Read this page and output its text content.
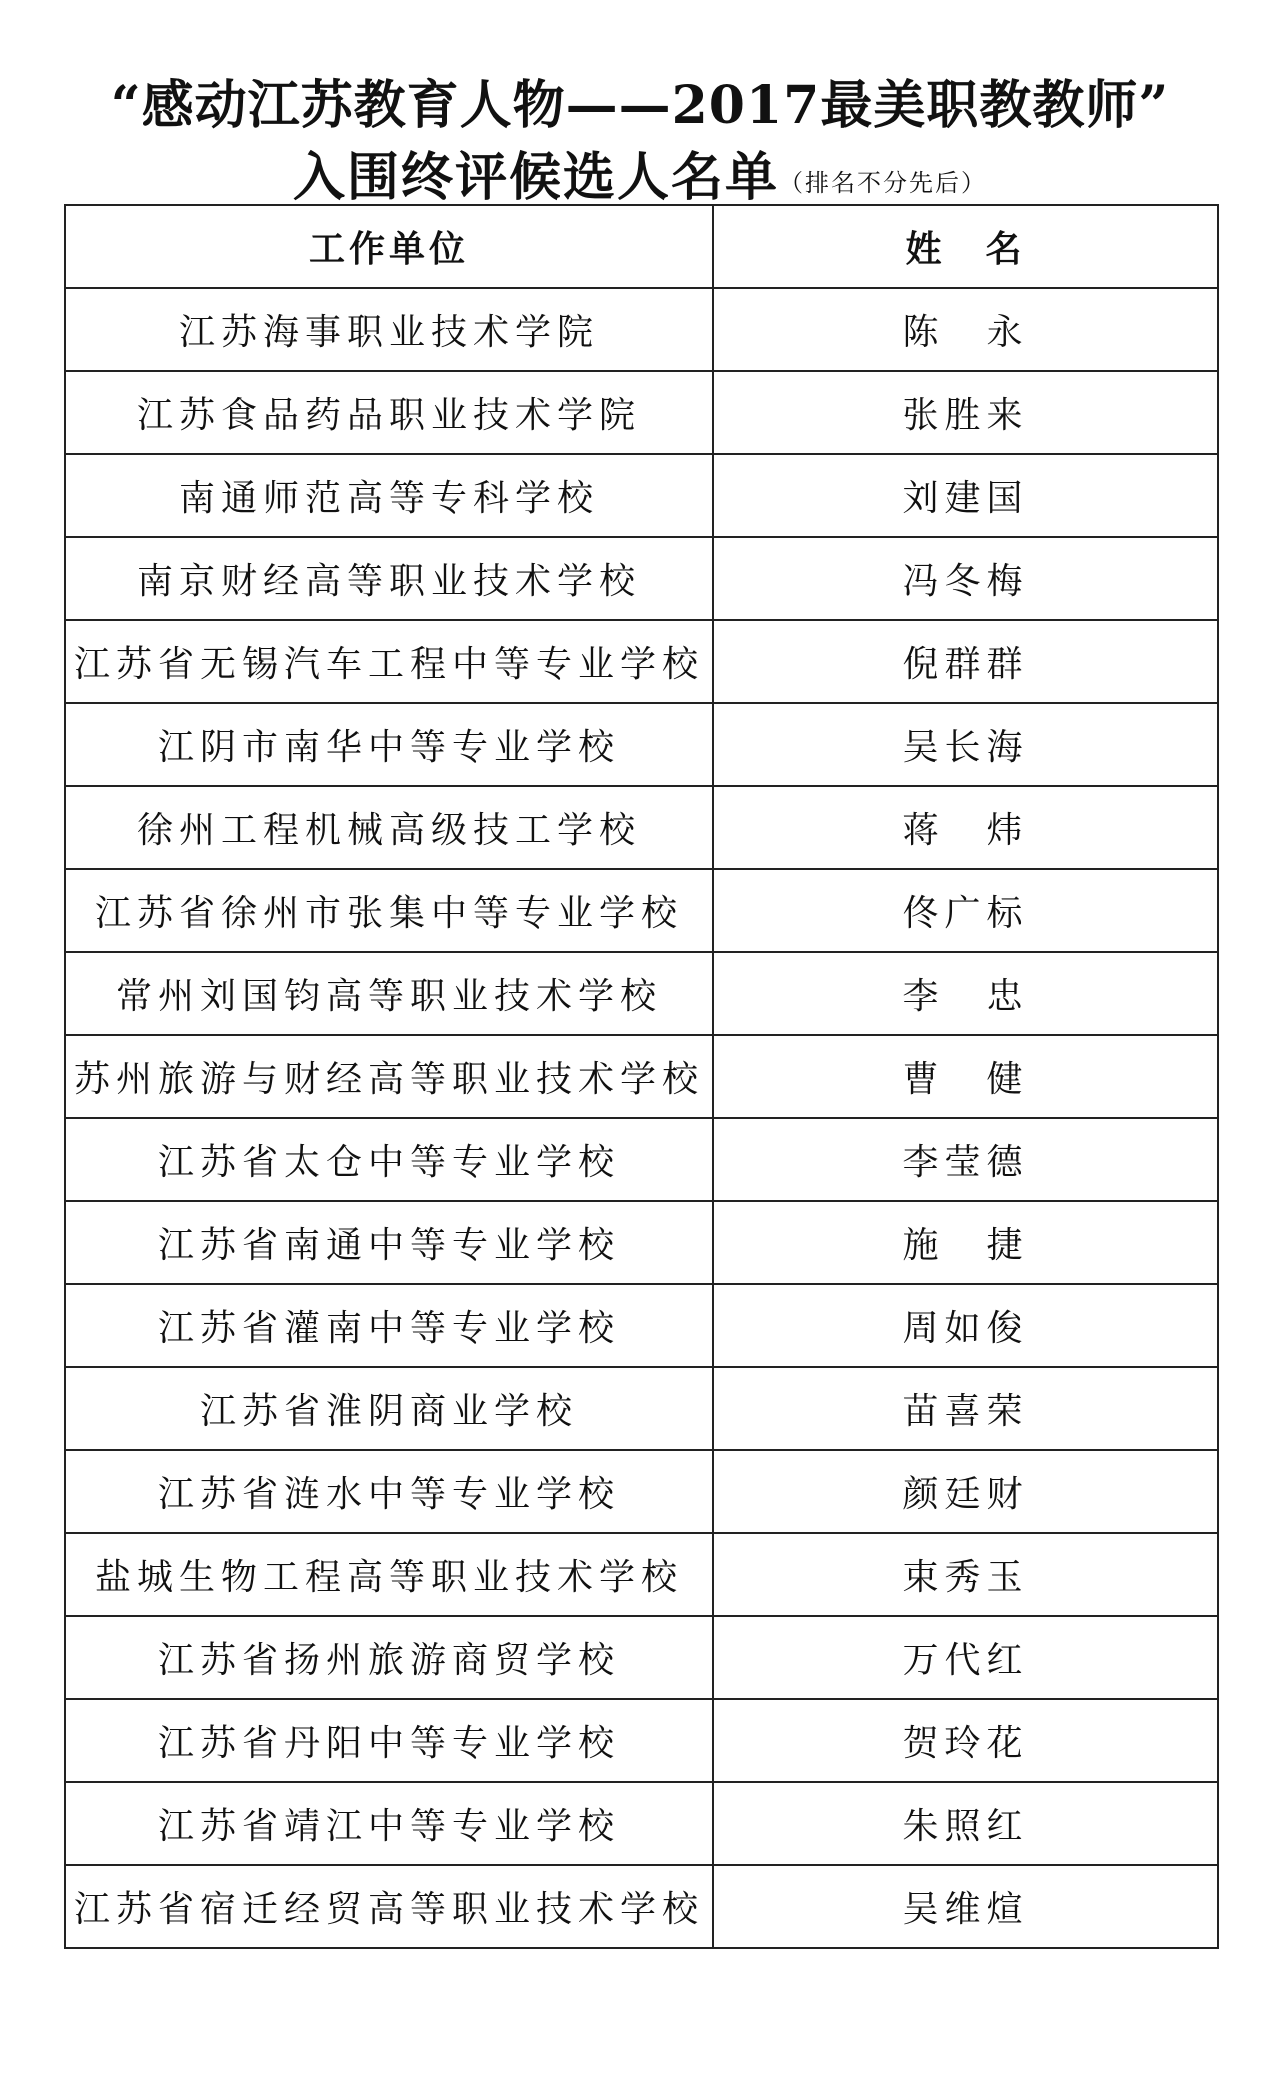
“感动江苏教育人物——2017最美职教教师”
入围终评候选人名单（排名不分先后）
工作单位	姓　名
江苏海事职业技术学院	陈　永
江苏食品药品职业技术学院	张胜来
南通师范高等专科学校	刘建国
南京财经高等职业技术学校	冯冬梅
江苏省无锡汽车工程中等专业学校	倪群群
江阴市南华中等专业学校	吴长海
徐州工程机械高级技工学校	蒋　炜
江苏省徐州市张集中等专业学校	佟广标
常州刘国钧高等职业技术学校	李　忠
苏州旅游与财经高等职业技术学校	曹　健
江苏省太仓中等专业学校	李莹德
江苏省南通中等专业学校	施　捷
江苏省灌南中等专业学校	周如俊
江苏省淮阴商业学校	苗喜荣
江苏省涟水中等专业学校	颜廷财
盐城生物工程高等职业技术学校	束秀玉
江苏省扬州旅游商贸学校	万代红
江苏省丹阳中等专业学校	贺玲花
江苏省靖江中等专业学校	朱照红
江苏省宿迁经贸高等职业技术学校	吴维煊
